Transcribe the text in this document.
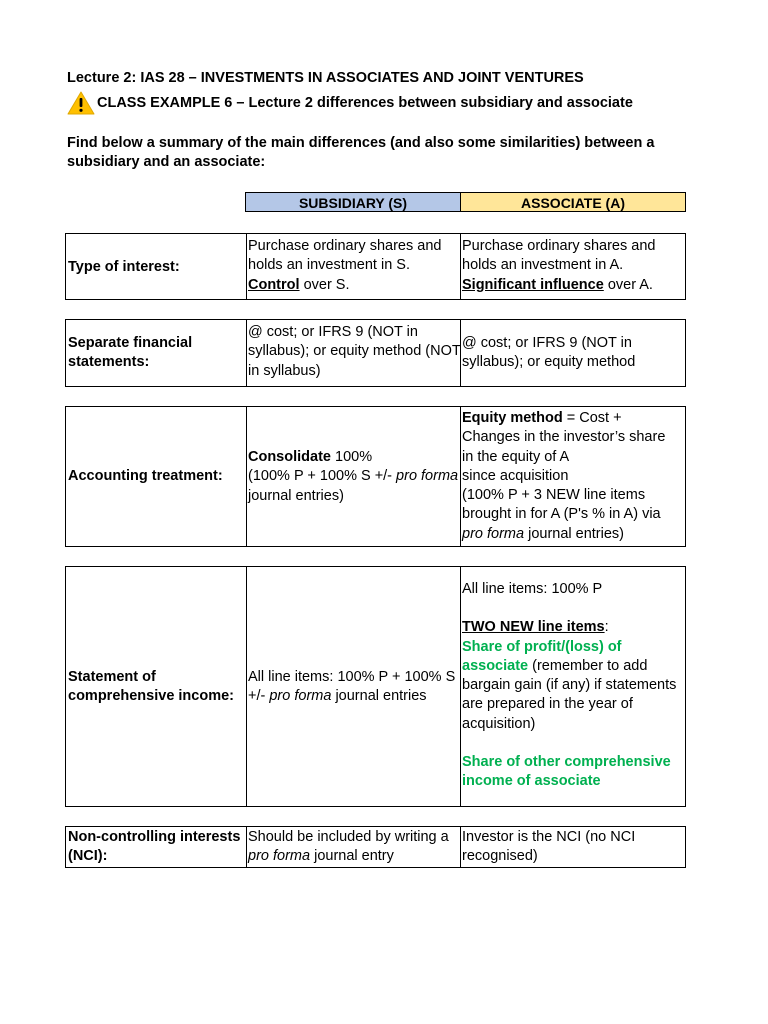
Lecture 2: IAS 28 – INVESTMENTS IN ASSOCIATES AND JOINT VENTURES
CLASS EXAMPLE 6 – Lecture 2 differences between subsidiary and associate
Find below a summary of the main differences (and also some similarities) between a subsidiary and an associate:
SUBSIDIARY (S)	ASSOCIATE (A)
Type of interest:
Purchase ordinary shares and holds an investment in S.
Control over S.
Purchase ordinary shares and holds an investment in A.
Significant influence over A.
Separate financial statements:
@ cost; or IFRS 9 (NOT in syllabus); or equity method (NOT in syllabus)
@ cost; or IFRS 9 (NOT in syllabus); or equity method
Accounting treatment:
Consolidate 100%
(100% P + 100% S +/- pro forma journal entries)
Equity method = Cost + Changes in the investor’s share in the equity of A
since acquisition
(100% P + 3 NEW line items brought in for A (P's % in A) via pro forma journal entries)
Statement of comprehensive income:
All line items: 100% P + 100% S +/- pro forma journal entries
All line items: 100% P
TWO NEW line items:
Share of profit/(loss) of associate (remember to add bargain gain (if any) if statements are prepared in the year of acquisition)
Share of other comprehensive income of associate
Non-controlling interests (NCI):
Should be included by writing a pro forma journal entry
Investor is the NCI (no NCI recognised)
